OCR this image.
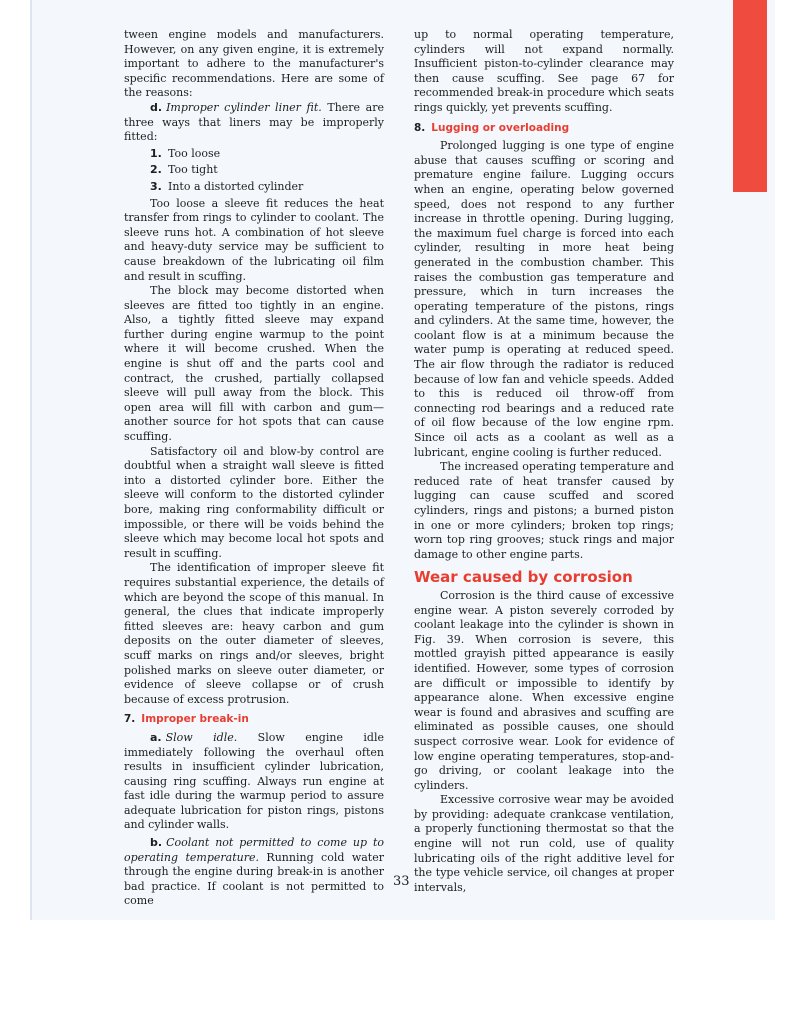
tween engine models and manufacturers. However, on any given engine, it is extremely important to adhere to the manufacturer's specific recommendations. Here are some of the reasons:

d. Improper cylinder liner fit. There are three ways that liners may be improperly fitted:

1. Too loose
2. Too tight
3. Into a distorted cylinder

Too loose a sleeve fit reduces the heat transfer from rings to cylinder to coolant. The sleeve runs hot. A combination of hot sleeve and heavy-duty service may be sufficient to cause breakdown of the lubricating oil film and result in scuffing.

The block may become distorted when sleeves are fitted too tightly in an engine. Also, a tightly fitted sleeve may expand further during engine warmup to the point where it will become crushed. When the engine is shut off and the parts cool and contract, the crushed, partially collapsed sleeve will pull away from the block. This open area will fill with carbon and gum—another source for hot spots that can cause scuffing.

Satisfactory oil and blow-by control are doubtful when a straight wall sleeve is fitted into a distorted cylinder bore. Either the sleeve will conform to the distorted cylinder bore, making ring conformability difficult or impossible, or there will be voids behind the sleeve which may become local hot spots and result in scuffing.

The identification of improper sleeve fit requires substantial experience, the details of which are beyond the scope of this manual. In general, the clues that indicate improperly fitted sleeves are: heavy carbon and gum deposits on the outer diameter of sleeves, scuff marks on rings and/or sleeves, bright polished marks on sleeve outer diameter, or evidence of sleeve collapse or of crush because of excess protrusion.

7. Improper break-in

a. Slow idle. Slow engine idle immediately following the overhaul often results in insufficient cylinder lubrication, causing ring scuffing. Always run engine at fast idle during the warmup period to assure adequate lubrication for piston rings, pistons and cylinder walls.

b. Coolant not permitted to come up to operating temperature. Running cold water through the engine during break-in is another bad practice. If coolant is not permitted to come

up to normal operating temperature, cylinders will not expand normally. Insufficient piston-to-cylinder clearance may then cause scuffing. See page 67 for recommended break-in procedure which seats rings quickly, yet prevents scuffing.

8. Lugging or overloading

Prolonged lugging is one type of engine abuse that causes scuffing or scoring and premature engine failure. Lugging occurs when an engine, operating below governed speed, does not respond to any further increase in throttle opening. During lugging, the maximum fuel charge is forced into each cylinder, resulting in more heat being generated in the combustion chamber. This raises the combustion gas temperature and pressure, which in turn increases the operating temperature of the pistons, rings and cylinders. At the same time, however, the coolant flow is at a minimum because the water pump is operating at reduced speed. The air flow through the radiator is reduced because of low fan and vehicle speeds. Added to this is reduced oil throw-off from connecting rod bearings and a reduced rate of oil flow because of the low engine rpm. Since oil acts as a coolant as well as a lubricant, engine cooling is further reduced.

The increased operating temperature and reduced rate of heat transfer caused by lugging can cause scuffed and scored cylinders, rings and pistons; a burned piston in one or more cylinders; broken top rings; worn top ring grooves; stuck rings and major damage to other engine parts.

Wear caused by corrosion

Corrosion is the third cause of excessive engine wear. A piston severely corroded by coolant leakage into the cylinder is shown in Fig. 39. When corrosion is severe, this mottled grayish pitted appearance is easily identified. However, some types of corrosion are difficult or impossible to identify by appearance alone. When excessive engine wear is found and abrasives and scuffing are eliminated as possible causes, one should suspect corrosive wear. Look for evidence of low engine operating temperatures, stop-and-go driving, or coolant leakage into the cylinders.

Excessive corrosive wear may be avoided by providing: adequate crankcase ventilation, a properly functioning thermostat so that the engine will not run cold, use of quality lubricating oils of the right additive level for the type vehicle service, oil changes at proper intervals,

33
